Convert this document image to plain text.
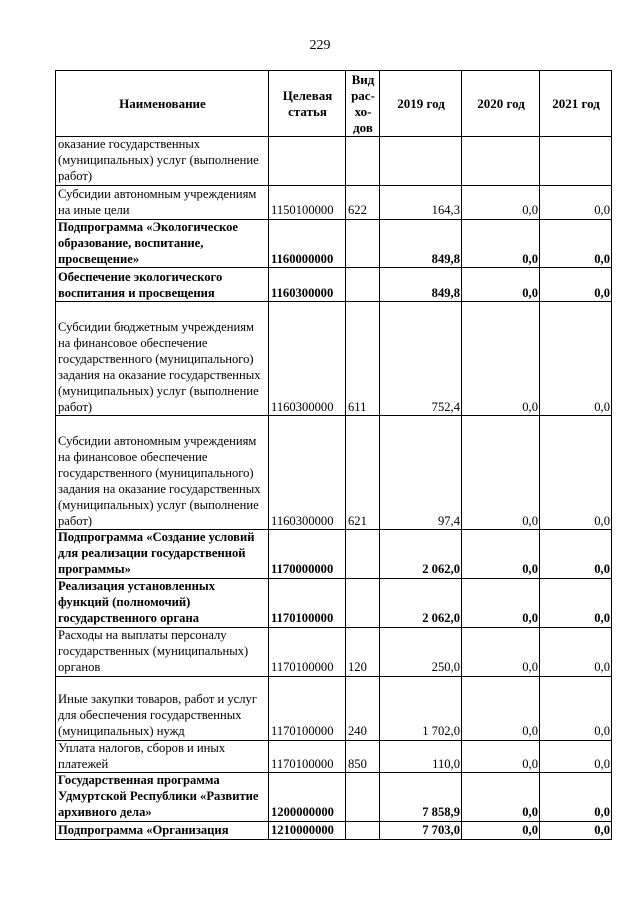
229
Наименование	Целевая статья	Вид рас-хо-дов	2019 год	2020 год	2021 год
оказание государственных (муниципальных) услуг (выполнение работ)					
Субсидии автономным учреждениям на иные цели	1150100000	622	164,3	0,0	0,0
Подпрограмма «Экологическое образование, воспитание, просвещение»	1160000000		849,8	0,0	0,0
Обеспечение экологического воспитания и просвещения	1160300000		849,8	0,0	0,0
Субсидии бюджетным учреждениям на финансовое обеспечение государственного (муниципального) задания на оказание государственных (муниципальных) услуг (выполнение работ)	1160300000	611	752,4	0,0	0,0
Субсидии автономным учреждениям на финансовое обеспечение государственного (муниципального) задания на оказание государственных (муниципальных) услуг (выполнение работ)	1160300000	621	97,4	0,0	0,0
Подпрограмма «Создание условий для реализации государственной программы»	1170000000		2 062,0	0,0	0,0
Реализация установленных функций (полномочий) государственного органа	1170100000		2 062,0	0,0	0,0
Расходы на выплаты персоналу государственных (муниципальных) органов	1170100000	120	250,0	0,0	0,0
Иные закупки товаров, работ и услуг для обеспечения государственных (муниципальных) нужд	1170100000	240	1 702,0	0,0	0,0
Уплата налогов, сборов и иных платежей	1170100000	850	110,0	0,0	0,0
Государственная программа Удмуртской Республики «Развитие архивного дела»	1200000000		7 858,9	0,0	0,0
Подпрограмма «Организация	1210000000		7 703,0	0,0	0,0
